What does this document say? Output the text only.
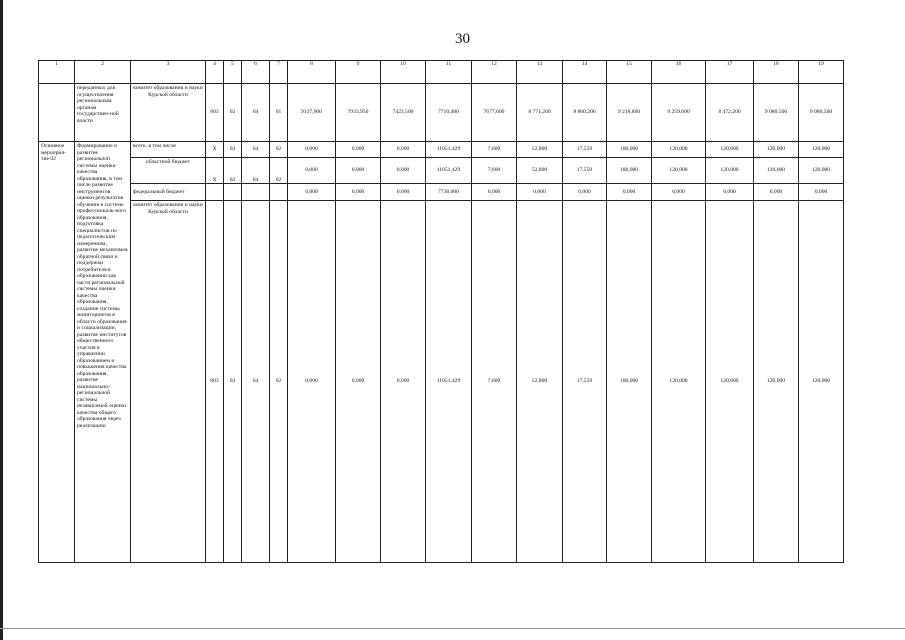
30
1	2	3	4	5	6	7	8	9	10	11	12	13	14	15	16	17	18	19
	переданных для осуществления региональным органам государствен-ной власти	комитет образования и науки Курской области	803	02	04	01	9137,900	7933,950	7422,500	7710,400	7677,600	8 771,200	8 800,200	9 218,800	9 259,600	8 472,200	9 080,500	9 080,500
Основное мероприя-тие 02	Формирование и развитие региональной системы оценки качества образования, в том числе развитие инструментов оценки результатов обучения в системе профессиональ-ного образования, подготовка специалистов по педагогическим измерениям, развитие механизмов обратной связи и поддержки потребителя в образовании как части региональной системы оценки качества образования, создание системы мониторингов в области образования и социализации, развитие институтов общественного участия в управлении образованием и повышения качества образования, развитие национально-региональной системы независимой оценки качества общего образования через реализацию	всего, в том числе	Х	02	04	02	0,000	0,000	0,000	11051,429	7,600	52,800	17,559	180,000	120,000	120,000	120,000	120,000
		областной бюджет	Х	02	04	02	0,000	0,000	0,000	11051,429	7,600	52,800	17,559	180,000	120,000	120,000	120,000	120,000
		федеральный бюджет					0,000	0,000	0,000	7736,000	0,000	0,000	0,000	0,000	0,000	0,000	0,000	0,000
		комитет образования и науки Курской области	803	02	04	02	0,000	0,000	0,000	11051,429	7,600	52,800	17,559	180,000	120,000	120,000	120,000	120,000
